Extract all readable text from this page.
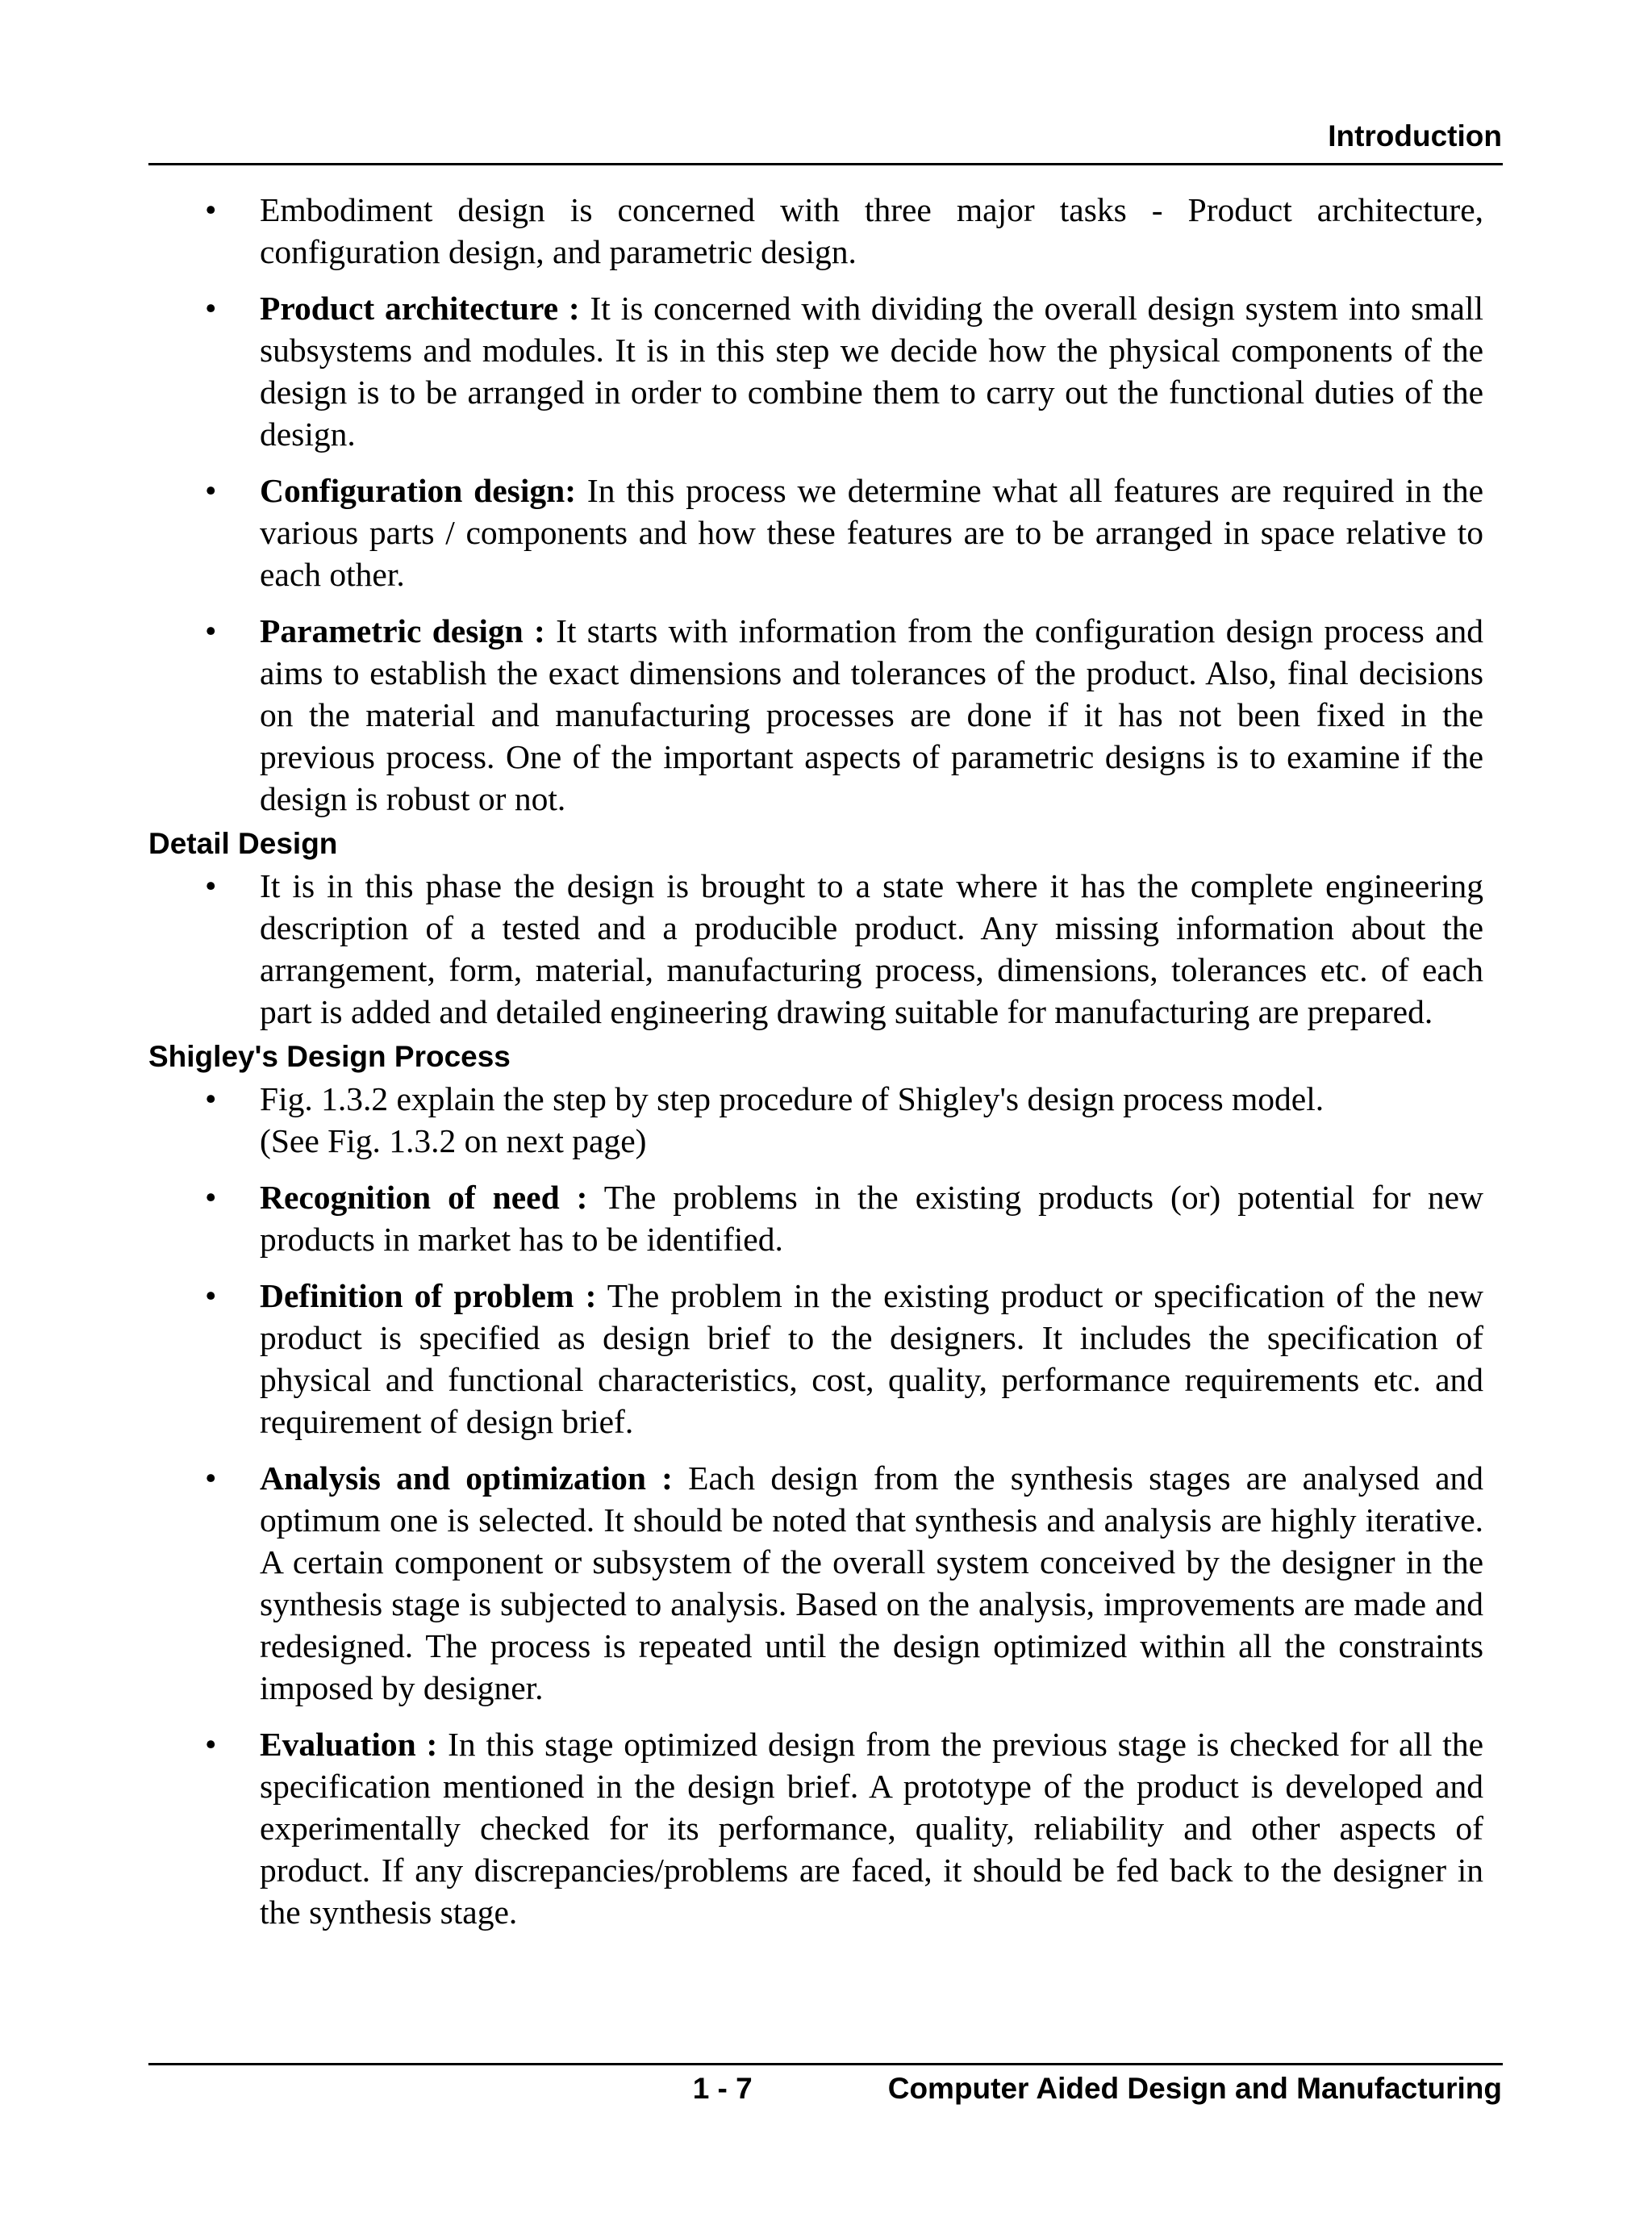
Introduction
• Embodiment design is concerned with three major tasks - Product architecture, configuration design, and parametric design.
• Product architecture : It is concerned with dividing the overall design system into small subsystems and modules. It is in this step we decide how the physical components of the design is to be arranged in order to combine them to carry out the functional duties of the design.
• Configuration design: In this process we determine what all features are required in the various parts / components and how these features are to be arranged in space relative to each other.
• Parametric design : It starts with information from the configuration design process and aims to establish the exact dimensions and tolerances of the product. Also, final decisions on the material and manufacturing processes are done if it has not been fixed in the previous process. One of the important aspects of parametric designs is to examine if the design is robust or not.
Detail Design
• It is in this phase the design is brought to a state where it has the complete engineering description of a tested and a producible product. Any missing information about the arrangement, form, material, manufacturing process, dimensions, tolerances etc. of each part is added and detailed engineering drawing suitable for manufacturing are prepared.
Shigley's Design Process
• Fig. 1.3.2 explain the step by step procedure of Shigley's design process model.
(See Fig. 1.3.2 on next page)
• Recognition of need : The problems in the existing products (or) potential for new products in market has to be identified.
• Definition of problem : The problem in the existing product or specification of the new product is specified as design brief to the designers. It includes the specification of physical and functional characteristics, cost, quality, performance requirements etc. and requirement of design brief.
• Analysis and optimization : Each design from the synthesis stages are analysed and optimum one is selected. It should be noted that synthesis and analysis are highly iterative. A certain component or subsystem of the overall system conceived by the designer in the synthesis stage is subjected to analysis. Based on the analysis, improvements are made and redesigned. The process is repeated until the design optimized within all the constraints imposed by designer.
• Evaluation : In this stage optimized design from the previous stage is checked for all the specification mentioned in the design brief. A prototype of the product is developed and experimentally checked for its performance, quality, reliability and other aspects of product. If any discrepancies/problems are faced, it should be fed back to the designer in the synthesis stage.
1 - 7	Computer Aided Design and Manufacturing
